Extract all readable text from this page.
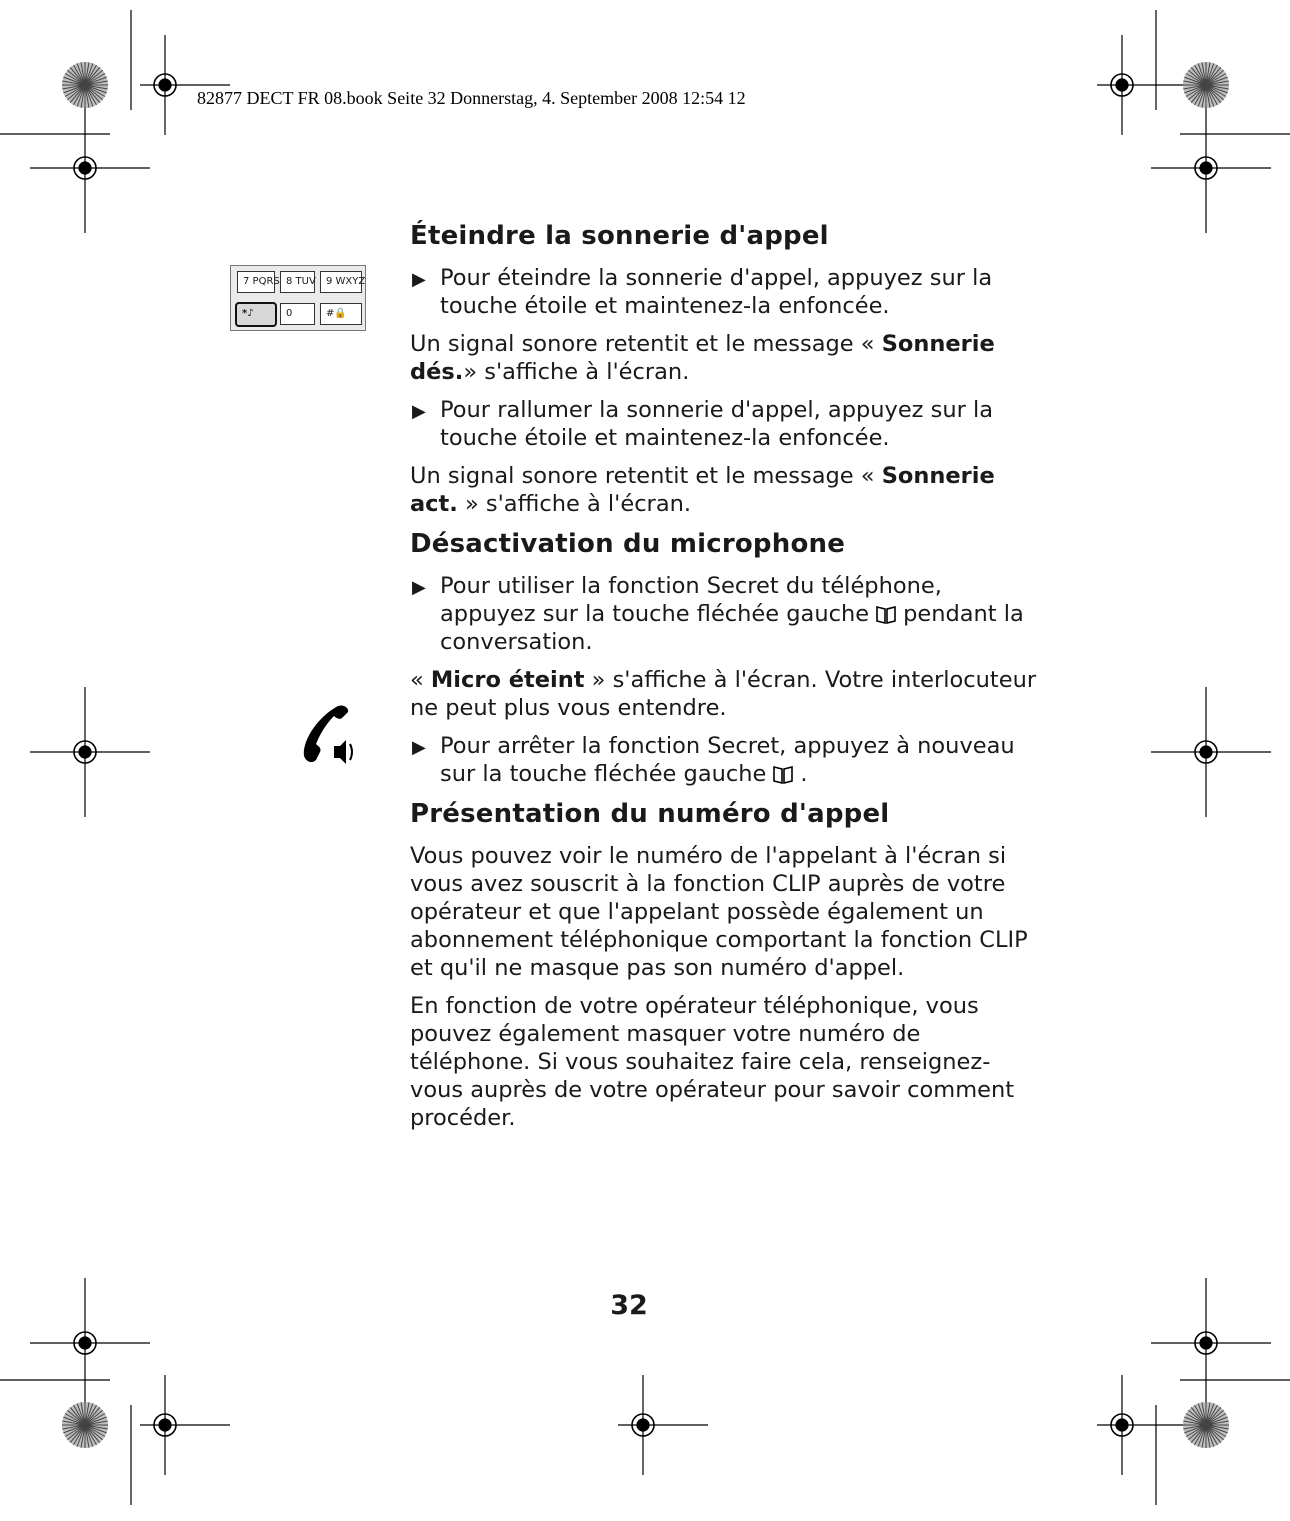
82877 DECT FR 08.book Seite 32 Donnerstag, 4. September 2008 12:54 12

7 PQRS 8 TUV	9 WXYZ
*♪	0	#🔒
Éteindre la sonnerie d'appel
▶ Pour éteindre la sonnerie d'appel, appuyez sur la touche étoile et maintenez-la enfoncée.

Un signal sonore retentit et le message « Sonnerie dés.» s'affiche à l'écran.

▶ Pour rallumer la sonnerie d'appel, appuyez sur la touche étoile et maintenez-la enfoncée.

Un signal sonore retentit et le message « Sonnerie act. » s'affiche à l'écran.

Désactivation du microphone
▶ Pour utiliser la fonction Secret du téléphone, appuyez sur la touche fléchée gauche pendant la conversation.

« Micro éteint » s'affiche à l'écran. Votre interlocuteur ne peut plus vous entendre.

▶ Pour arrêter la fonction Secret, appuyez à nouveau sur la touche fléchée gauche .
Présentation du numéro d'appel

Vous pouvez voir le numéro de l'appelant à l'écran si vous avez souscrit à la fonction CLIP auprès de votre opérateur et que l'appelant possède également un abonnement téléphonique comportant la fonction CLIP et qu'il ne masque pas son numéro d'appel.

En fonction de votre opérateur téléphonique, vous pouvez également masquer votre numéro de téléphone. Si vous souhaitez faire cela, renseignez-vous auprès de votre opérateur pour savoir comment procéder.

32
